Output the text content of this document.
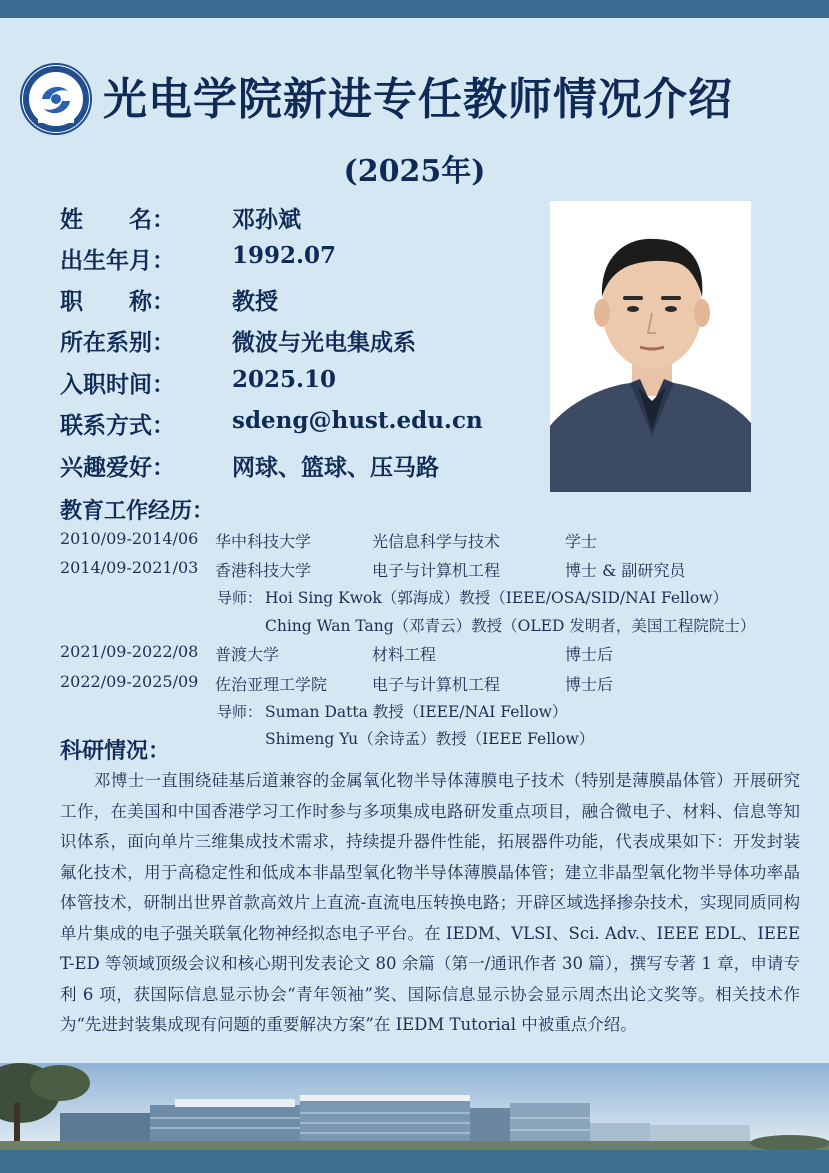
光电学院新进专任教师情况介绍
(2025年)
姓　　名：	邓孙斌
出生年月：	1992.07
职　　称：	教授
所在系别：	微波与光电集成系
入职时间：	2025.10
联系方式：	sdeng@hust.edu.cn
兴趣爱好：	网球、篮球、压马路
教育工作经历：
2010/09-2014/06 华中科技大学	光信息科学与技术	学士
2014/09-2021/03 香港科技大学	电子与计算机工程	博士 & 副研究员
导师： Hoi Sing Kwok（郭海成）教授（IEEE/OSA/SID/NAI Fellow）
Ching Wan Tang（邓青云）教授（OLED 发明者，美国工程院院士）
2021/09-2022/08 普渡大学	材料工程	博士后
2022/09-2025/09 佐治亚理工学院	电子与计算机工程	博士后
导师： Suman Datta 教授（IEEE/NAI Fellow）
Shimeng Yu（余诗孟）教授（IEEE Fellow）
科研情况：

邓博士一直围绕硅基后道兼容的金属氧化物半导体薄膜电子技术（特别是薄膜晶体管）开展研究工作，在美国和中国香港学习工作时参与多项集成电路研发重点项目，融合微电子、材料、信息等知识体系，面向单片三维集成技术需求，持续提升器件性能，拓展器件功能，代表成果如下：开发封装氟化技术，用于高稳定性和低成本非晶型氧化物半导体薄膜晶体管；建立非晶型氧化物半导体功率晶体管技术，研制出世界首款高效片上直流-直流电压转换电路；开辟区域选择掺杂技术，实现同质同构单片集成的电子强关联氧化物神经拟态电子平台。在 IEDM、VLSI、Sci. Adv.、IEEE EDL、IEEE T-ED 等领域顶级会议和核心期刊发表论文 80 余篇（第一/通讯作者 30 篇），撰写专著 1 章，申请专利 6 项，获国际信息显示协会“青年领袖”奖、国际信息显示协会显示周杰出论文奖等。相关技术作为“先进封装集成现有问题的重要解决方案”在 IEDM Tutorial 中被重点介绍。
